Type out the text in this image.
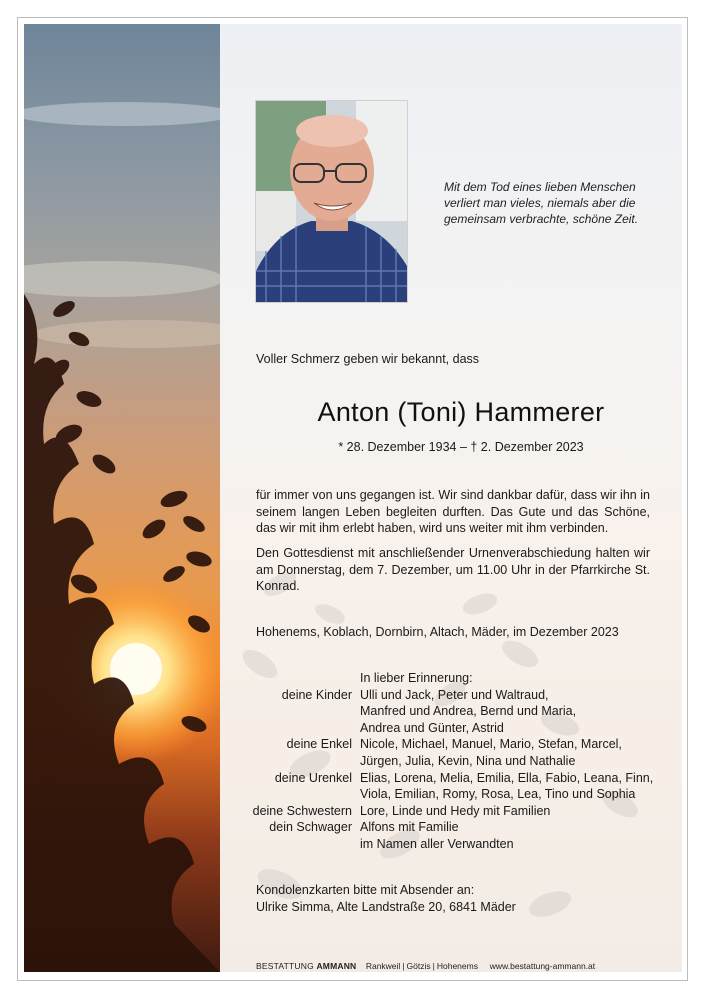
Mit dem Tod eines lieben Menschen
verliert man vieles, niemals aber die
gemeinsam verbrachte, schöne Zeit.
Voller Schmerz geben wir bekannt, dass
Anton (Toni) Hammerer
* 28. Dezember 1934 – † 2. Dezember 2023
für immer von uns gegangen ist. Wir sind dankbar dafür, dass wir ihn in seinem langen Leben begleiten durften. Das Gute und das Schöne, das wir mit ihm erlebt haben, wird uns weiter mit ihm verbinden.
Den Gottesdienst mit anschließender Urnenverabschiedung halten wir am Donnerstag, dem 7. Dezember, um 11.00 Uhr in der Pfarrkirche St. Konrad.
Hohenems, Koblach, Dornbirn, Altach, Mäder, im Dezember 2023
In lieber Erinnerung:
deine Kinder Ulli und Jack, Peter und Waltraud,
Manfred und Andrea, Bernd und Maria,
Andrea und Günter, Astrid
deine Enkel Nicole, Michael, Manuel, Mario, Stefan, Marcel,
Jürgen, Julia, Kevin, Nina und Nathalie
deine Urenkel Elias, Lorena, Melia, Emilia, Ella, Fabio, Leana, Finn,
Viola, Emilian, Romy, Rosa, Lea, Tino und Sophia
deine Schwestern Lore, Linde und Hedy mit Familien
dein Schwager Alfons mit Familie
im Namen aller Verwandten
Kondolenzkarten bitte mit Absender an:
Ulrike Simma, Alte Landstraße 20, 6841 Mäder
BESTATTUNG AMMANN Rankweil | Götzis | Hohenems www.bestattung-ammann.at
